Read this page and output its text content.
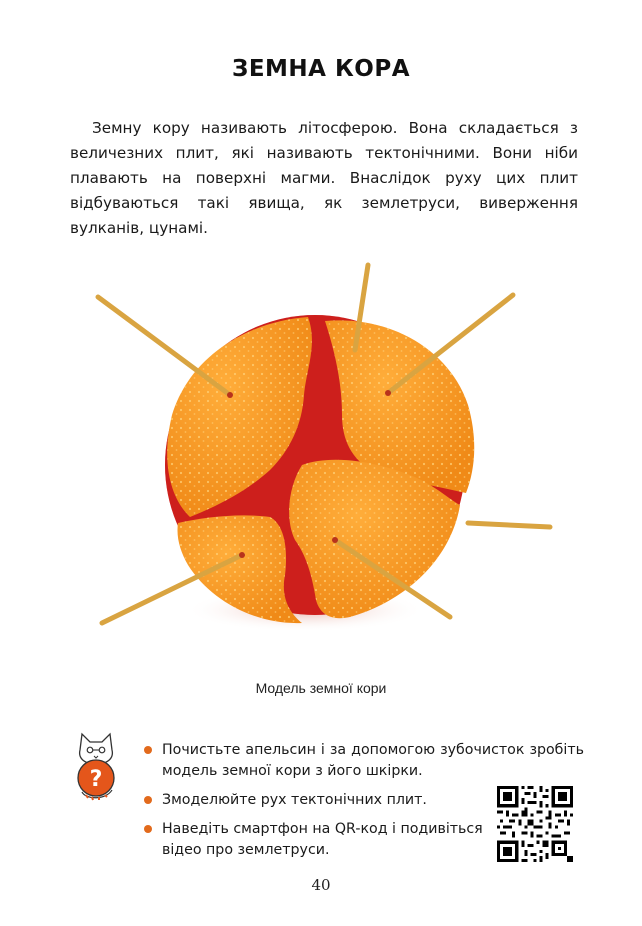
ЗЕМНА КОРА

Земну кору називають літосферою. Вона складається з величезних плит, які називають тектонічними. Вони ніби плавають на поверхні магми. Внаслідок руху цих плит відбуваються такі явища, як землетруси, виверження вулканів, цунамі.

Модель земної кори
?
Почистьте апельсин і за допомогою зубочисток зробіть модель земної кори з його шкірки.
Змоделюйте рух тектонічних плит.
Наведіть смартфон на QR-код і подивіться відео про землетруси.
40
